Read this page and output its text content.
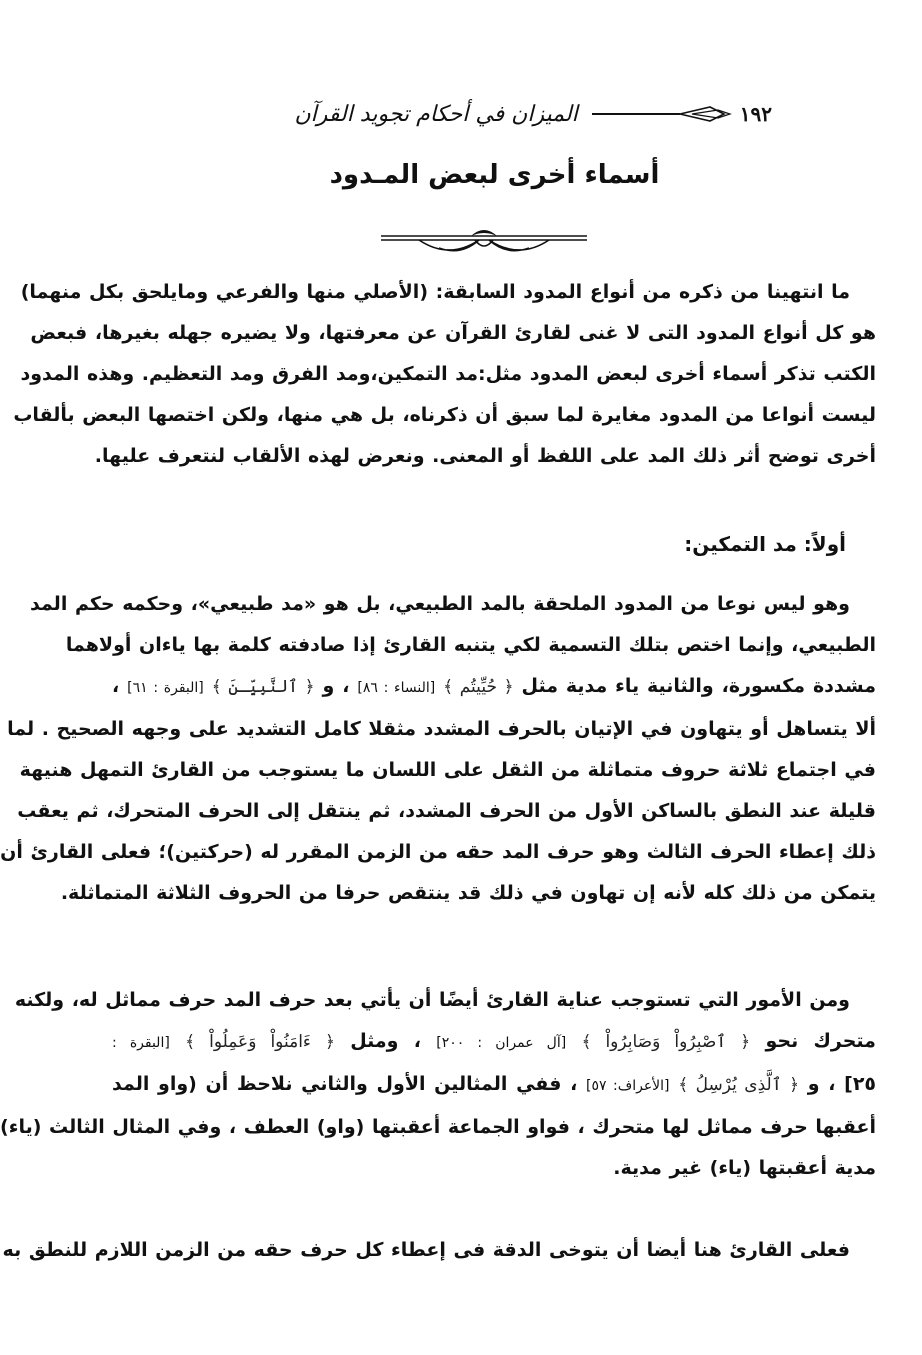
١٩٢
الميزان في أحكام تجويد القرآن
أسماء أخرى لبعض المـدود
ما انتهينا من ذكره من أنواع المدود السابقة: (الأصلي منها والفرعي ومايلحق بكل منهما)
هو كل أنواع المدود التى لا غنى لقارئ القرآن عن معرفتها، ولا يضيره جهله بغيرها، فبعض
الكتب تذكر أسماء أخرى لبعض المدود مثل:مد التمكين،ومد الفرق ومد التعظيم. وهذه المدود
ليست أنواعا من المدود مغايرة لما سبق أن ذكرناه، بل هي منها، ولكن اختصها البعض بألقاب
أخرى توضح أثر ذلك المد على اللفظ أو المعنى. ونعرض لهذه الألقاب لنتعرف عليها.
أولاً: مد التمكين:
وهو ليس نوعا من المدود الملحقة بالمد الطبيعي، بل هو «مد طبيعي»، وحكمه حكم المد
الطبيعي، وإنما اختص بتلك التسمية لكي يتنبه القارئ إذا صادفته كلمة بها ياءان أولاهما
مشددة مكسورة، والثانية ياء مدية مثل ﴿ حُيِّيتُم ﴾ [النساء : ٨٦] ، و ﴿ ٱلنَّبِيِّـنَ ﴾ [البقرة : ٦١] ،
ألا يتساهل أو يتهاون في الإتيان بالحرف المشدد مثقلا كامل التشديد على وجهه الصحيح . لما
في اجتماع ثلاثة حروف متماثلة من الثقل على اللسان ما يستوجب من القارئ التمهل هنيهة
قليلة عند النطق بالساكن الأول من الحرف المشدد، ثم ينتقل إلى الحرف المتحرك، ثم يعقب
ذلك إعطاء الحرف الثالث وهو حرف المد حقه من الزمن المقرر له (حركتين)؛ فعلى القارئ أن
يتمكن من ذلك كله لأنه إن تهاون في ذلك قد ينتقص حرفا من الحروف الثلاثة المتماثلة.
ومن الأمور التي تستوجب عناية القارئ أيضًا أن يأتي بعد حرف المد حرف مماثل له، ولكنه
متحرك نحو ﴿ ٱصْبِرُواْ وَصَابِرُواْ ﴾ [آل عمران : ٢٠٠] ، ومثل ﴿ ءَامَنُواْ وَعَمِلُواْ ﴾ [البقرة :
٢٥] ، و ﴿ ٱلَّذِى يُرْسِلُ ﴾ [الأعراف: ٥٧] ، ففي المثالين الأول والثاني نلاحظ أن (واو المد
أعقبها حرف مماثل لها متحرك ، فواو الجماعة أعقبتها (واو) العطف ، وفي المثال الثالث (ياء)
مدية أعقبتها (ياء) غير مدية.
فعلى القارئ هنا أيضا أن يتوخى الدقة فى إعطاء كل حرف حقه من الزمن اللازم للنطق به
